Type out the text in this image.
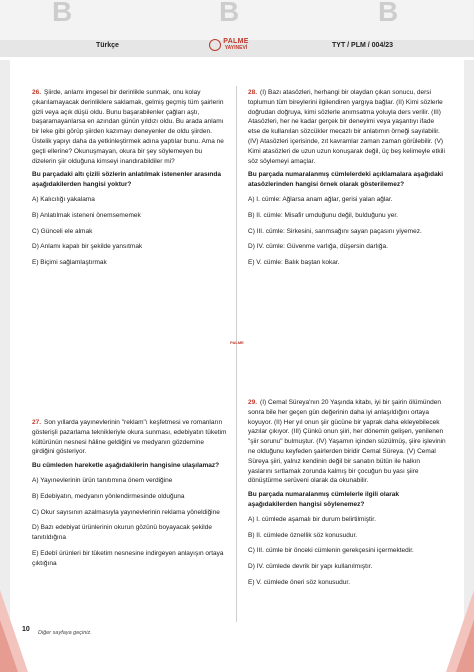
B	B	B
Türkçe
PALME
YAYINEVİ	TYT / PLM / 004/23
PALME
26. Şiirde, anlamı imgesel bir derinlikle sunmak, onu kolay çıkarılamayacak derinliklere saklamak, gelmiş geçmiş tüm şairlerin gizli veya açık düşü oldu. Bunu başarabilenler çağları aştı, başaramayanlarsa en azından günün yıldızı oldu. Bu arada anlamı bir leke gibi görüp şiirden kazımayı deneyenler de oldu şiirden. Üstelik yapıyı daha da yetkinleştirmek adına yaptılar bunu. Ama ne geçti ellerine? Okunuşmayan, okura bir şey söylemeyen bu dizelerin şiir olduğuna kimseyi inandırabildiler mi?
Bu parçadaki altı çizili sözlerin anlatılmak istenenler arasında aşağıdakilerden hangisi yoktur?
A) Kalıcılığı yakalama
B) Anlatılmak isteneni önemsememek
C) Günceli ele almak
D) Anlamı kapalı bir şekilde yansıtmak
E) Biçimi sağlamlaştırmak
27. Son yıllarda yayınevlerinin "reklam"ı keşfetmesi ve romanların gösterişli pazarlama teknikleriyle okura sunması, edebiyatın tüketim kültürünün nesnesi hâline geldiğini ve medyanın gözdemine girdiğini gösteriyor.
Bu cümleden hareketle aşağıdakilerin hangisine ulaşılamaz?
A) Yayınevlerinin ürün tanıtımına önem verdiğine
B) Edebiyatın, medyanın yönlendirmesinde olduğuna
C) Okur sayısının azalmasıyla yayınevlerinin reklama yöneldiğine
D) Bazı edebiyat ürünlerinin okurun gözünü boyayacak şekilde tanıtıldığına
E) Edebî ürünleri bir tüketim nesnesine indirgeyen anlayışın ortaya çıktığına
28. (I) Bazı atasözleri, herhangi bir olaydan çıkan sonucu, dersi toplumun tüm bireylerini ilgilendiren yargıya bağlar. (II) Kimi sözlerle doğrudan doğruya, kimi sözlerle anımsatma yoluyla ders verilir. (III) Atasözleri, her ne kadar gerçek bir deneyimi veya yaşantıyı ifade etse de kullanılan sözcükler mecazlı bir anlatımın örneği sayılabilir. (IV) Atasözleri içerisinde, zıt kavramlar zaman zaman görülebilir. (V) Kimi atasözleri de uzun uzun konuşarak değil, üç beş kelimeyle etkili söz söylemeyi amaçlar.
Bu parçada numaralanmış cümlelerdeki açıklamalara aşağıdaki atasözlerinden hangisi örnek olarak gösterilemez?
A) I. cümle: Ağlarsa anam ağlar, gerisi yalan ağlar.
B) II. cümle: Misafir umduğunu değil, bulduğunu yer.
C) III. cümle: Sirkesini, sarımsağını sayan paçasını yiyemez.
D) IV. cümle: Güvenme varlığa, düşersin darlığa.
E) V. cümle: Balık baştan kokar.
29. (I) Cemal Süreya'nın 20 Yaşında kitabı, iyi bir şairin ölümünden sonra bile her geçen gün değerinin daha iyi anlaşıldığını ortaya koyuyor. (II) Her yıl onun şiir gücüne bir yaprak daha ekleyebilecek yazılar çıkıyor. (III) Çünkü onun şiiri, her dönemin gelişen, yenilenen "şiir sorunu" bulmuştur. (IV) Yaşamın içinden süzülmüş, şiire işlevinin ne olduğunu keyfeden şairlerden biridir Cemal Süreya. (V) Cemal Süreya şiiri, yalnız kendinin değil bir sanatın bütün ile halkın yaslarını sırtlamak zorunda kalmış bir çocuğun bu yası şiire dönüştürme serüveni olarak da okunabilir.
Bu parçada numaralanmış cümlelerle ilgili olarak aşağıdakilerden hangisi söylenemez?
A) I. cümlede aşamalı bir durum belirtilmiştir.
B) II. cümlede öznellik söz konusudur.
C) III. cümle bir önceki cümlenin gerekçesini içermektedir.
D) IV. cümlede devrik bir yapı kullanılmıştır.
E) V. cümlede öneri söz konusudur.
10 Diğer sayfaya geçiniz.
